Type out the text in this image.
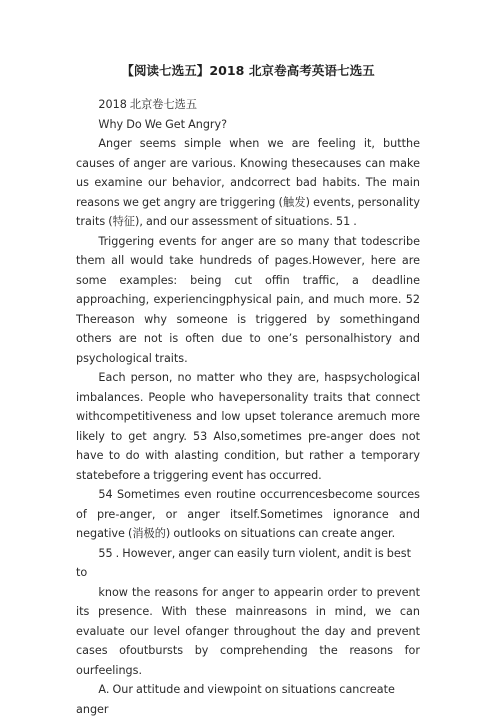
【阅读七选五】2018 北京卷高考英语七选五

2018 北京卷七选五

Why Do We Get Angry?

Anger seems simple when we are feeling it, butthe causes of anger are various. Knowing thesecauses can make us examine our behavior, andcorrect bad habits. The main reasons we get angry are triggering (触发) events, personality traits (特征), and our assessment of situations. 51 .

Triggering events for anger are so many that todescribe them all would take hundreds of pages.However, here are some examples: being cut offin traffic, a deadline approaching, experiencingphysical pain, and much more. 52 Thereason why someone is triggered by somethingand others are not is often due to one’s personalhistory and psychological traits.

Each person, no matter who they are, haspsychological imbalances. People who havepersonality traits that connect withcompetitiveness and low upset tolerance aremuch more likely to get angry. 53 Also,sometimes pre-anger does not have to do with alasting condition, but rather a temporary statebefore a triggering event has occurred.

54 Sometimes even routine occurrencesbecome sources of pre-anger, or anger itself.Sometimes ignorance and negative (消极的) outlooks on situations can create anger.

55 . However, anger can easily turn violent, andit is best to

know the reasons for anger to appearin order to prevent its presence. With these mainreasons in mind, we can evaluate our level ofanger throughout the day and prevent cases ofoutbursts by comprehending the reasons for ourfeelings.

A. Our attitude and viewpoint on situations cancreate anger
